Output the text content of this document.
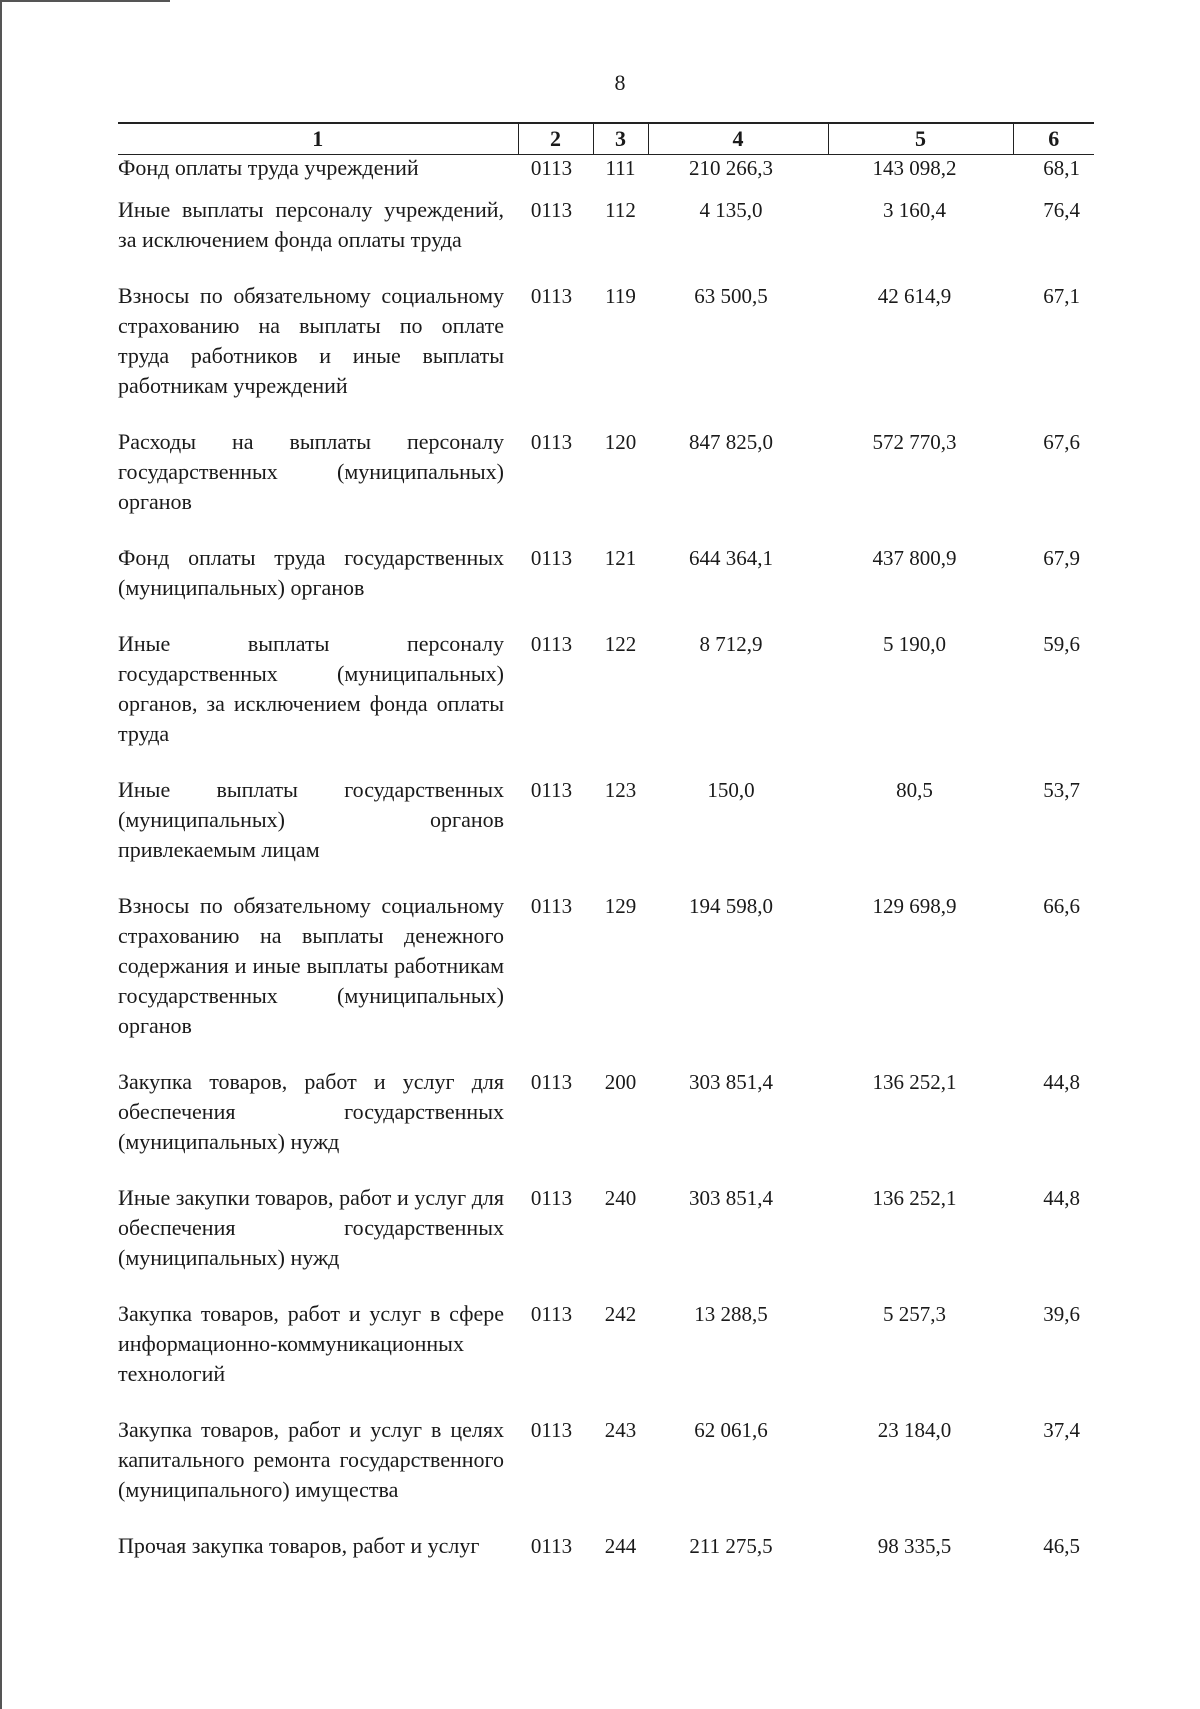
8
1	2	3	4	5	6
Фонд оплаты труда учреждений	0113	111	210 266,3	143 098,2	68,1
Иные выплаты персоналу учреждений, за исключением фонда оплаты труда	0113	112	4 135,0	3 160,4	76,4
Взносы по обязательному социальному страхованию на выплаты по оплате труда работников и иные выплаты работникам учреждений	0113	119	63 500,5	42 614,9	67,1
Расходы на выплаты персоналу государственных (муниципальных) органов	0113	120	847 825,0	572 770,3	67,6
Фонд оплаты труда государственных (муниципальных) органов	0113	121	644 364,1	437 800,9	67,9
Иные выплаты персоналу государственных (муниципальных) органов, за исключением фонда оплаты труда	0113	122	8 712,9	5 190,0	59,6
Иные выплаты государственных (муниципальных) органов привлекаемым лицам	0113	123	150,0	80,5	53,7
Взносы по обязательному социальному страхованию на выплаты денежного содержания и иные выплаты работникам государственных (муниципальных) органов	0113	129	194 598,0	129 698,9	66,6
Закупка товаров, работ и услуг для обеспечения государственных (муниципальных) нужд	0113	200	303 851,4	136 252,1	44,8
Иные закупки товаров, работ и услуг для обеспечения государственных (муниципальных) нужд	0113	240	303 851,4	136 252,1	44,8
Закупка товаров, работ и услуг в сфере информационно-коммуникационных технологий	0113	242	13 288,5	5 257,3	39,6
Закупка товаров, работ и услуг в целях капитального ремонта государственного (муниципального) имущества	0113	243	62 061,6	23 184,0	37,4
Прочая закупка товаров, работ и услуг	0113	244	211 275,5	98 335,5	46,5
